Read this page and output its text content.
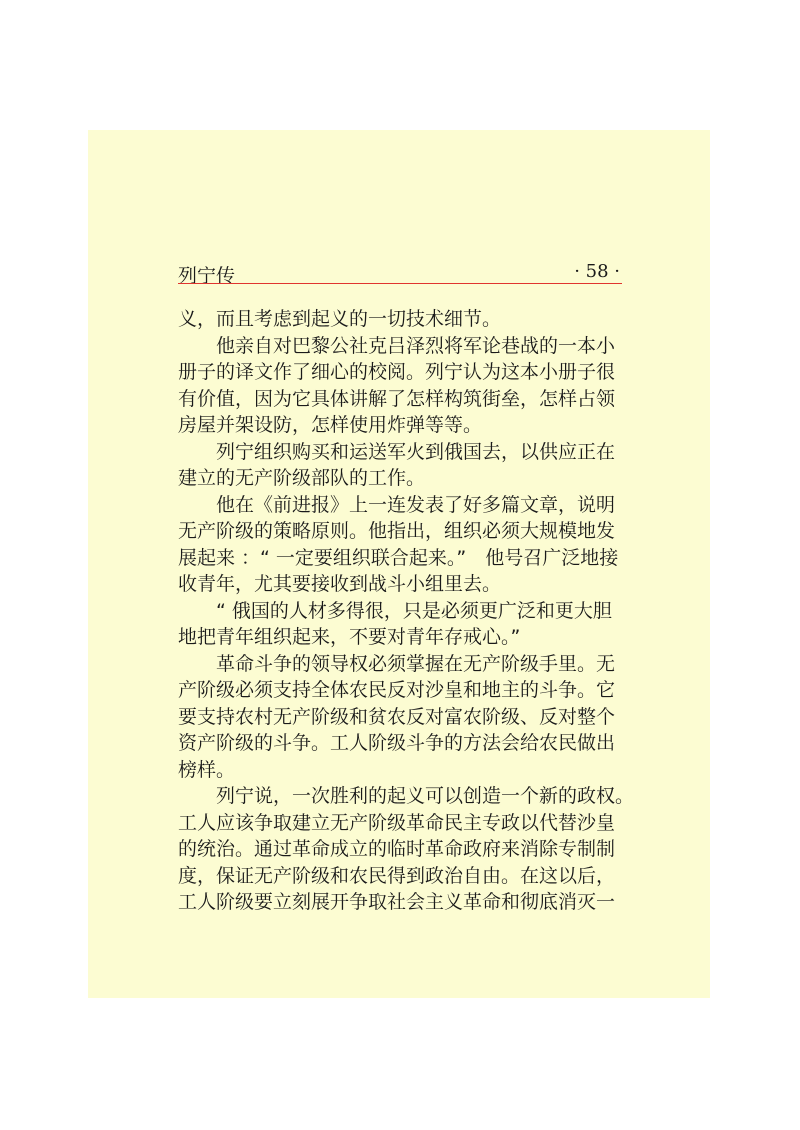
列宁传	· 58 ·
义，而且考虑到起义的一切技术细节。
他亲自对巴黎公社克吕泽烈将军论巷战的一本小
册子的译文作了细心的校阅。列宁认为这本小册子很
有价值，因为它具体讲解了怎样构筑街垒，怎样占领
房屋并架设防，怎样使用炸弹等等。
列宁组织购买和运送军火到俄国去，以供应正在
建立的无产阶级部队的工作。
他在《前进报》上一连发表了好多篇文章，说明
无产阶级的策略原则。他指出，组织必须大规模地发
展起来 ：“ 一定要组织联合起来。”　他号召广泛地接
收青年，尤其要接收到战斗小组里去。
“ 俄国的人材多得很，只是必须更广泛和更大胆
地把青年组织起来，不要对青年存戒心。”
革命斗争的领导权必须掌握在无产阶级手里。无
产阶级必须支持全体农民反对沙皇和地主的斗争。它
要支持农村无产阶级和贫农反对富农阶级、反对整个
资产阶级的斗争。工人阶级斗争的方法会给农民做出
榜样。
列宁说，一次胜利的起义可以创造一个新的政权。
工人应该争取建立无产阶级革命民主专政以代替沙皇
的统治。通过革命成立的临时革命政府来消除专制制
度，保证无产阶级和农民得到政治自由。在这以后，
工人阶级要立刻展开争取社会主义革命和彻底消灭一
